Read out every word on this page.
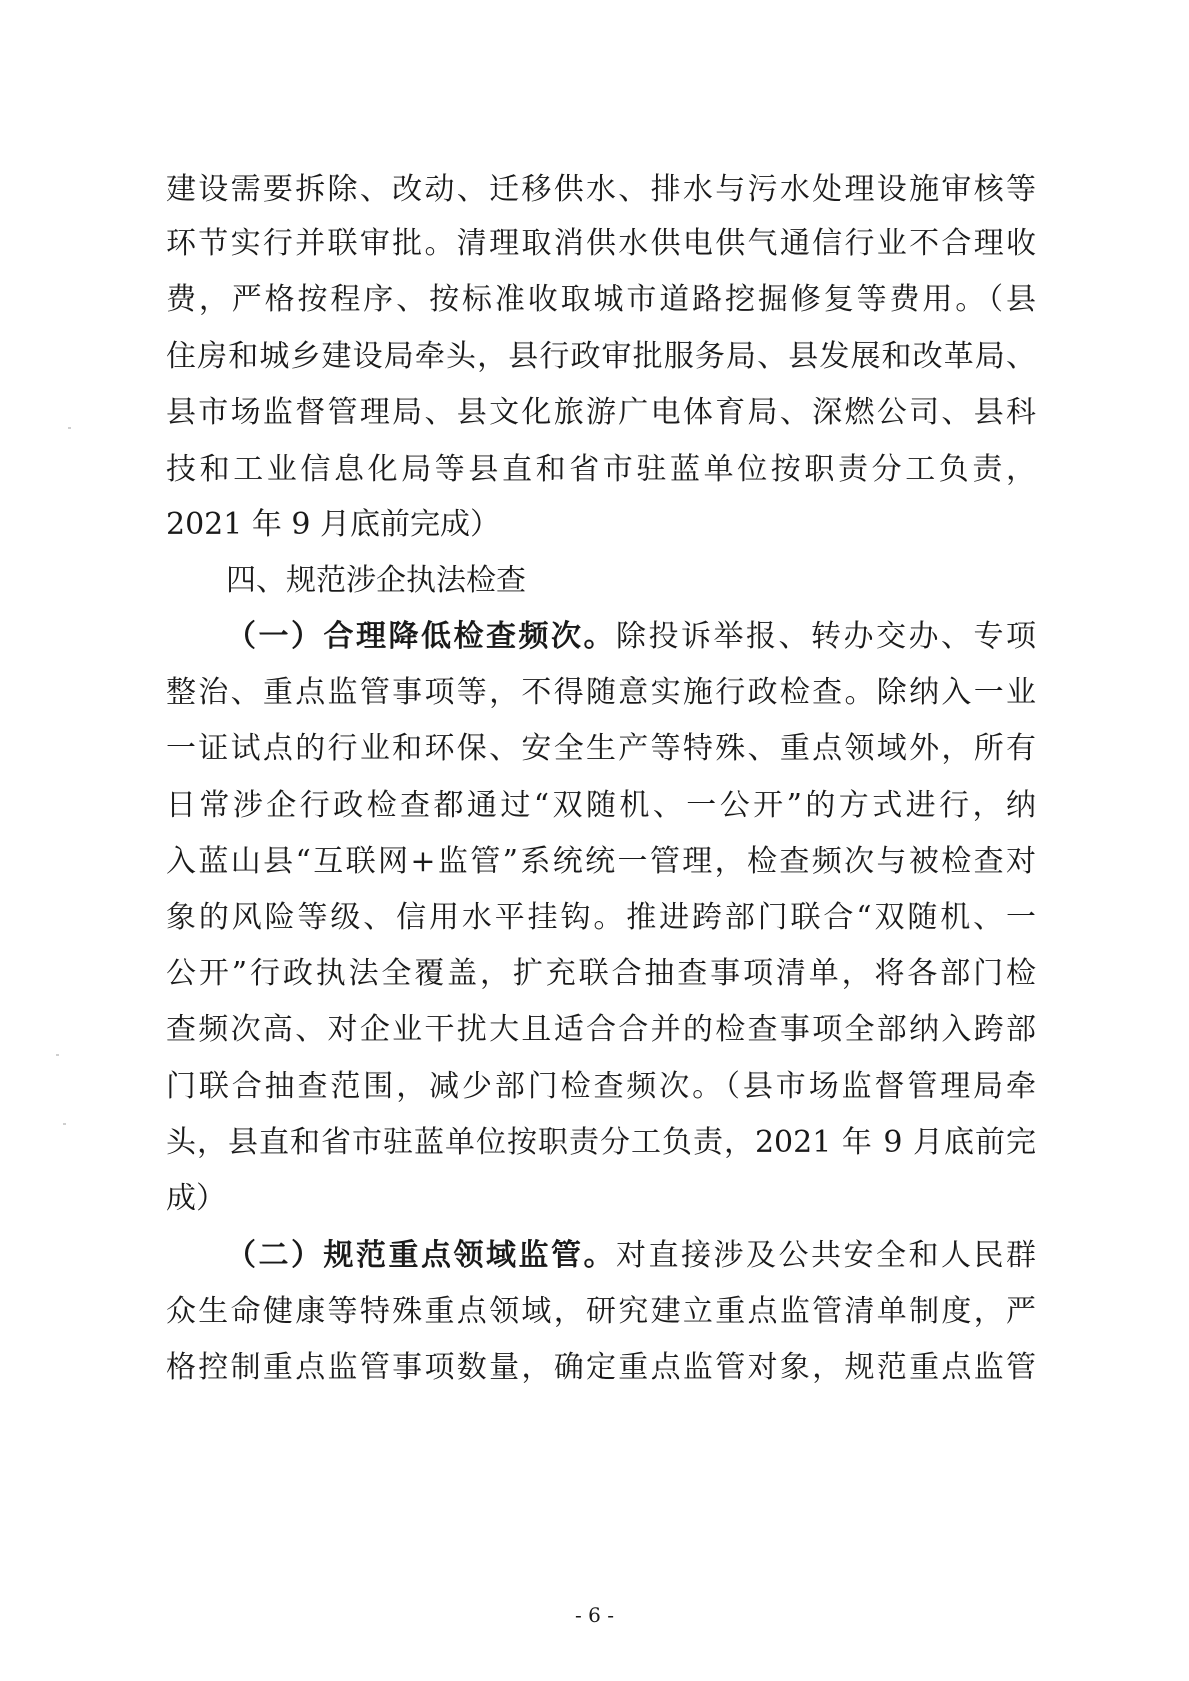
建设需要拆除、改动、迁移供水、排水与污水处理设施审核等
环节实行并联审批。清理取消供水供电供气通信行业不合理收
费，严格按程序、按标准收取城市道路挖掘修复等费用。（县
住房和城乡建设局牵头，县行政审批服务局、县发展和改革局、
县市场监督管理局、县文化旅游广电体育局、深燃公司、县科
技和工业信息化局等县直和省市驻蓝单位按职责分工负责，
2021 年 9 月底前完成）
四、规范涉企执法检查
（一）合理降低检查频次。除投诉举报、转办交办、专项
整治、重点监管事项等，不得随意实施行政检查。除纳入一业
一证试点的行业和环保、安全生产等特殊、重点领域外，所有
日常涉企行政检查都通过“双随机、一公开”的方式进行，纳
入蓝山县“互联网+监管”系统统一管理，检查频次与被检查对
象的风险等级、信用水平挂钩。推进跨部门联合“双随机、一
公开”行政执法全覆盖，扩充联合抽查事项清单，将各部门检
查频次高、对企业干扰大且适合合并的检查事项全部纳入跨部
门联合抽查范围，减少部门检查频次。（县市场监督管理局牵
头，县直和省市驻蓝单位按职责分工负责，2021 年 9 月底前完
成）
（二）规范重点领域监管。对直接涉及公共安全和人民群
众生命健康等特殊重点领域，研究建立重点监管清单制度，严
格控制重点监管事项数量，确定重点监管对象，规范重点监管
- 6 -
